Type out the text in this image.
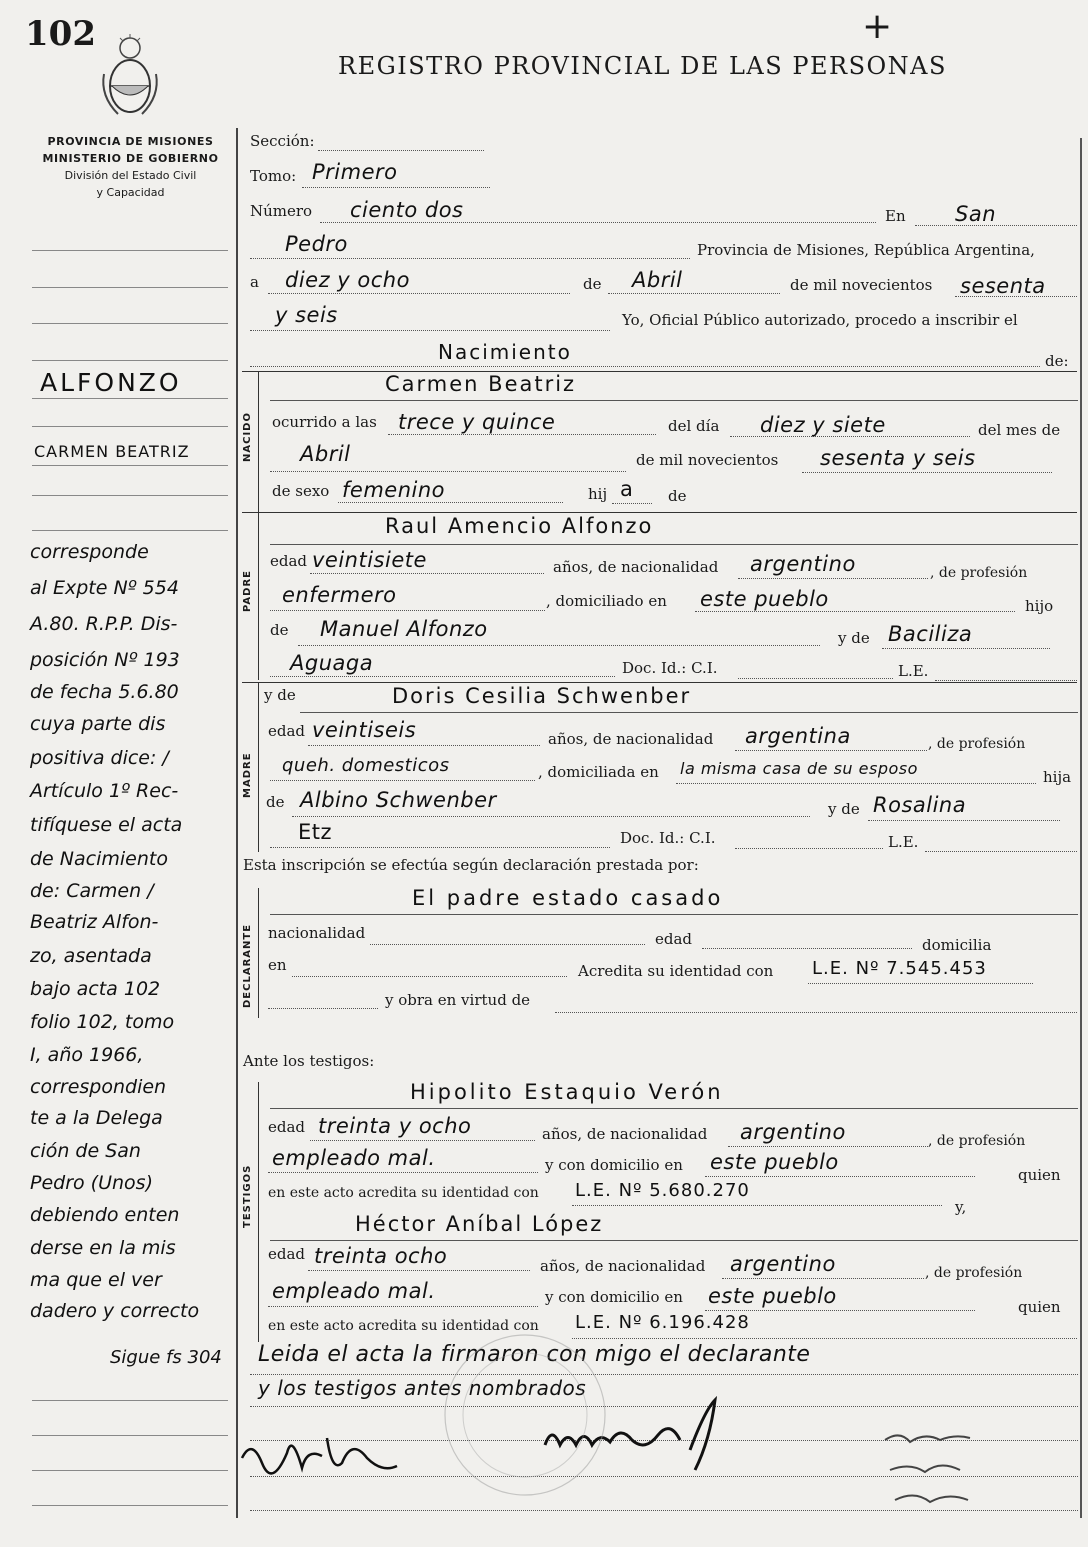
102	+
REGISTRO PROVINCIAL DE LAS PERSONAS
PROVINCIA DE MISIONES
MINISTERIO DE GOBIERNO
División del Estado Civil
y Capacidad
ALFONZO
CARMEN BEATRIZ
corresponde
al Expte Nº 554
A.80. R.P.P. Dis-
posición Nº 193
de fecha 5.6.80
cuya parte dis
positiva dice: /
Artículo 1º Rec-
tifíquese el acta
de Nacimiento
de: Carmen /
Beatriz Alfon-
zo, asentada
bajo acta 102
folio 102, tomo
I, año 1966,
correspondien
te a la Delega
ción de San
Pedro (Unos)
debiendo enten
derse en la mis
ma que el ver
dadero y correcto
Sigue fs 304
Sección:
Tomo: Primero
Número ciento dos	En San
Pedro	Provincia de Misiones, República Argentina,
a diez y ocho	de Abril	de mil novecientos sesenta
y seis	Yo, Oficial Público autorizado, procedo a inscribir el
Nacimiento	de:
NACIDO
Carmen Beatriz
ocurrido a las trece y quince	del día diez y siete	del mes de
Abril	de mil novecientos sesenta y seis
de sexo femenino	hij a de
PADRE
Raul Amencio Alfonzo
edad veintisiete	años, de nacionalidad argentino	, de profesión
enfermero	, domiciliado en este pueblo	hijo
de Manuel Alfonzo	y de Baciliza
Aguaga	Doc. Id.: C.I.	L.E.
MADRE
y de	Doris Cesilia Schwenber
edad veintiseis	años, de nacionalidad argentina	, de profesión
queh. domesticos	, domiciliada en la misma casa de su esposo	hija
de Albino Schwenber	y de Rosalina
Etz	Doc. Id.: C.I.	L.E.
Esta inscripción se efectúa según declaración prestada por:
DECLARANTE
El padre estado casado
nacionalidad	edad	domicilia
en	Acredita su identidad con L.E. Nº 7.545.453
y obra en virtud de
Ante los testigos:
TESTIGOS
Hipolito Estaquio Verón
edad treinta y ocho	años, de nacionalidad argentino	, de profesión
empleado mal.	y con domicilio en este pueblo
quien
en este acto acredita su identidad con L.E. Nº 5.680.270
y,
Héctor Aníbal López
edad treinta ocho	años, de nacionalidad argentino	, de profesión
empleado mal.	y con domicilio en este pueblo	quien
en este acto acredita su identidad con L.E. Nº 6.196.428
Leida el acta la firmaron con migo el declarante
y los testigos antes nombrados
